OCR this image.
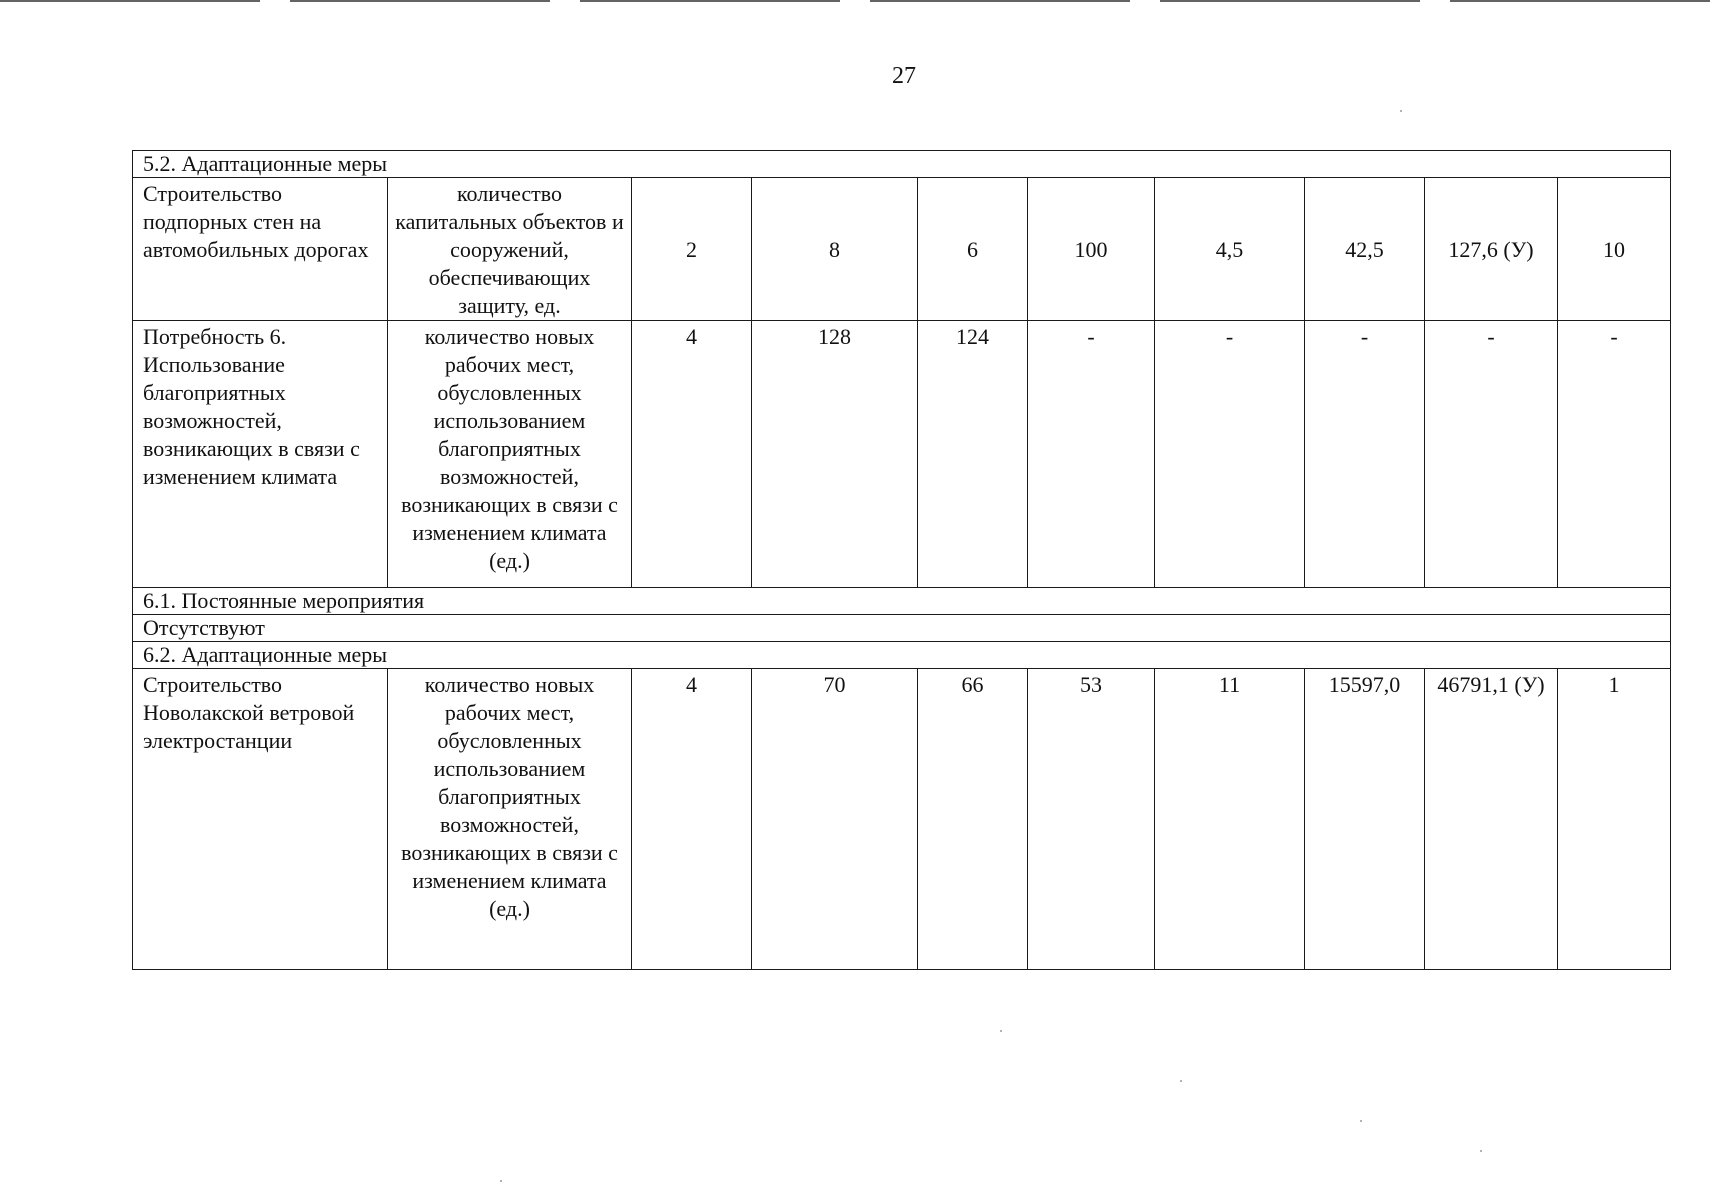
27
5.2. Адаптационные меры									
Строительство подпорных стен на автомобильных дорогах	количество капитальных объектов и сооружений, обеспечивающих защиту, ед.	2	8	6	100	4,5	42,5	127,6 (У)	10
Потребность 6. Использование благоприятных возможностей, возникающих в связи с изменением климата	количество новых рабочих мест, обусловленных использованием благоприятных возможностей, возникающих в связи с изменением климата (ед.)	4	128	124	-	-	-	-	-
6.1. Постоянные мероприятия									
Отсутствуют									
6.2. Адаптационные меры									
Строительство Новолакской ветровой электростанции	количество новых рабочих мест, обусловленных использованием благоприятных возможностей, возникающих в связи с изменением климата (ед.)	4	70	66	53	11	15597,0	46791,1 (У)	1
